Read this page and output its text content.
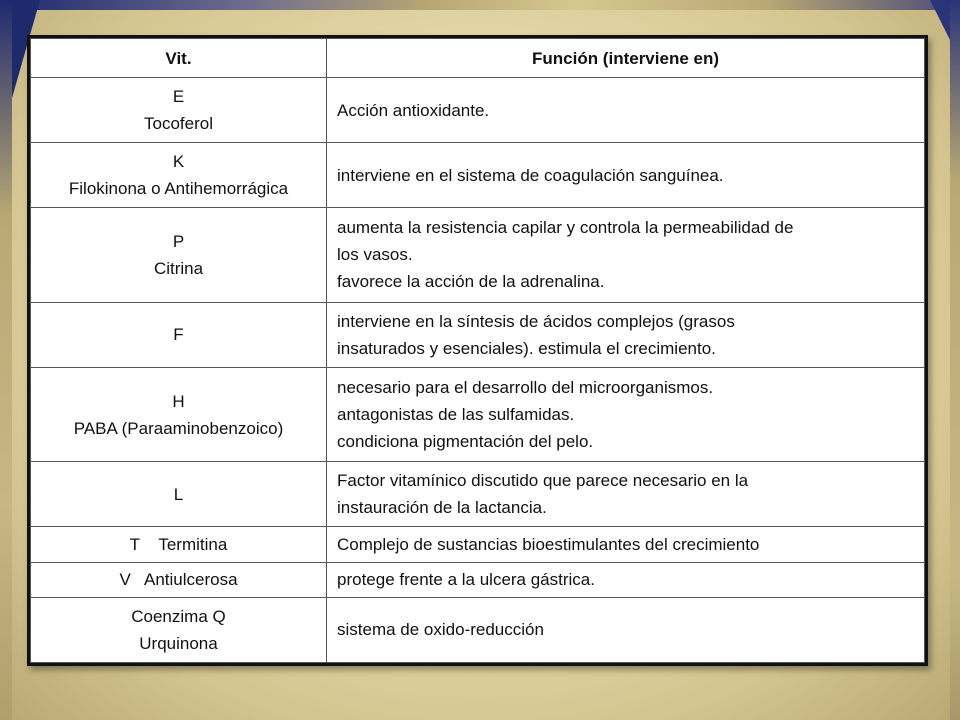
Vit.	Función (interviene en)

E
Tocoferol	Acción antioxidante.

K
Filokinona o Antihemorrágica	interviene en el sistema de coagulación sanguínea.

P
Citrina	aumenta la resistencia capilar y controla la permeabilidad de
los vasos.
favorece la acción de la adrenalina.

F	interviene en la síntesis de ácidos complejos (grasos
insaturados y esenciales). estimula el crecimiento.

H
PABA (Paraaminobenzoico)	necesario para el desarrollo del microorganismos.
antagonistas de las sulfamidas.
condiciona pigmentación del pelo.

L	Factor vitamínico discutido que parece necesario en la
instauración de la lactancia.

T    Termitina	Complejo de sustancias bioestimulantes del crecimiento

V   Antiulcerosa	protege frente a la ulcera gástrica.

Coenzima Q
Urquinona	sistema de oxido-reducción
